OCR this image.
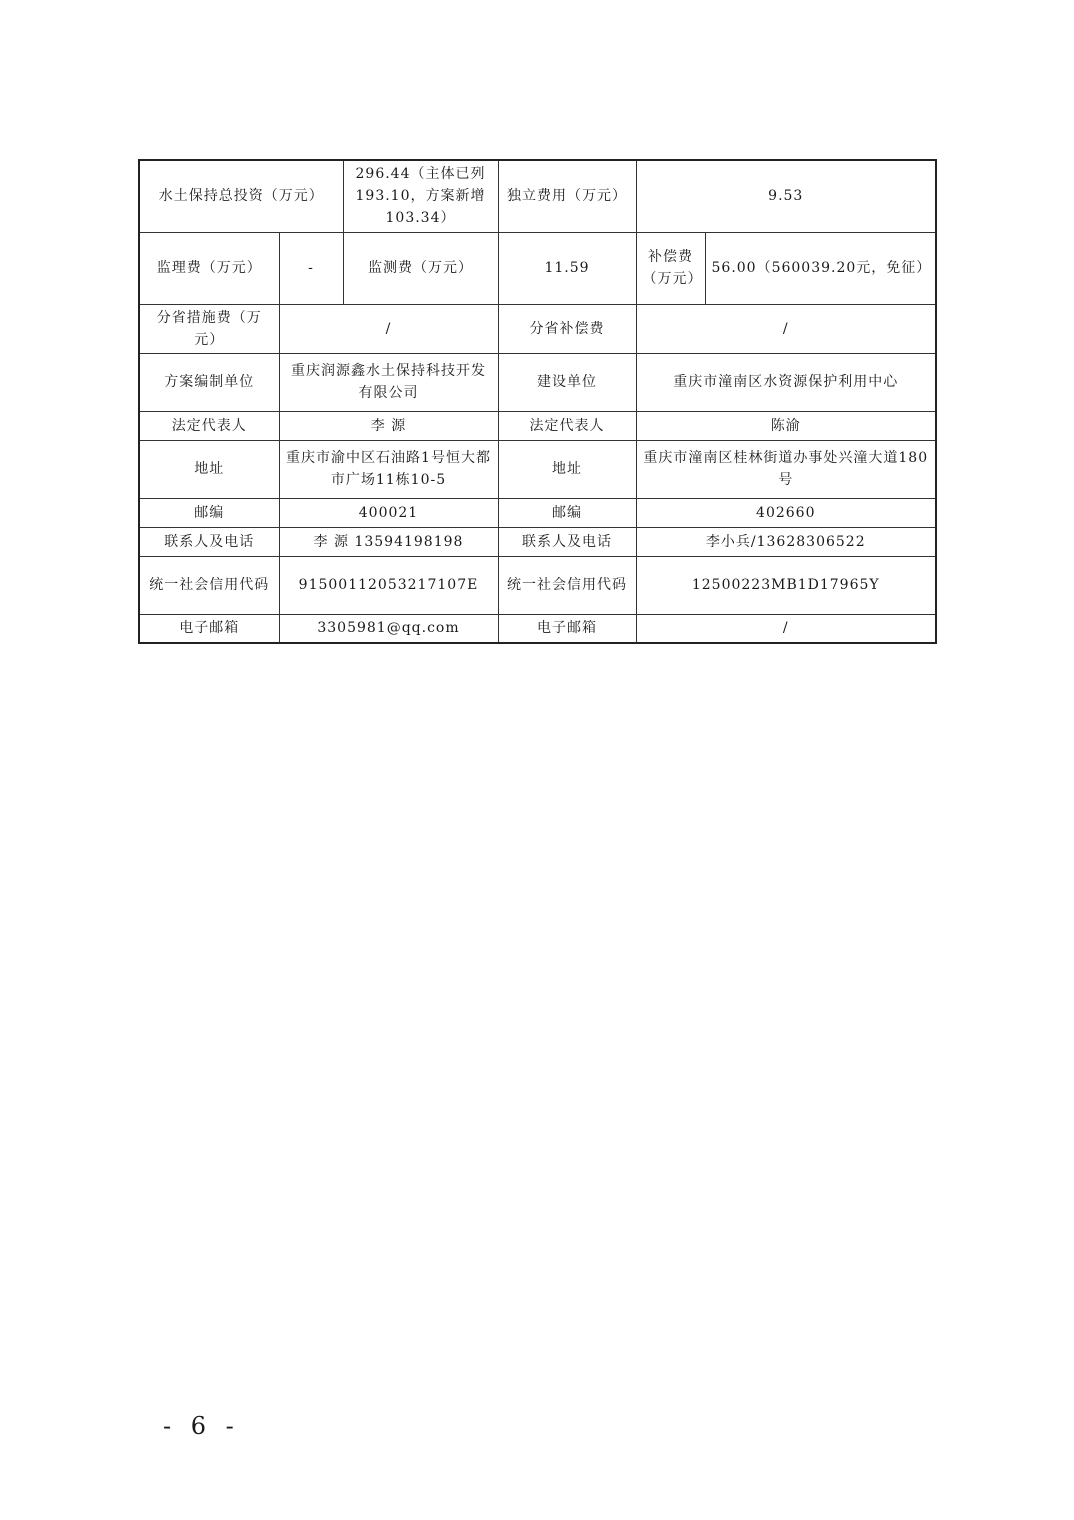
水土保持总投资（万元）		296.44（主体已列193.10，方案新增103.34）	独立费用（万元）	9.53	
监理费（万元）	-	监测费（万元）	11.59	补偿费（万元）	56.00（560039.20元，免征）
分省措施费（万元）	/		分省补偿费	/	
方案编制单位	重庆润源鑫水土保持科技开发有限公司		建设单位	重庆市潼南区水资源保护利用中心	
法定代表人	李 源		法定代表人	陈渝	
地址	重庆市渝中区石油路1号恒大都市广场11栋10-5		地址	重庆市潼南区桂林街道办事处兴潼大道180号	
邮编	400021		邮编	402660	
联系人及电话	李 源 13594198198		联系人及电话	李小兵/13628306522	
统一社会信用代码	91500112053217107E		统一社会信用代码	12500223MB1D17965Y	
电子邮箱	3305981@qq.com		电子邮箱	/	
- 6 -
